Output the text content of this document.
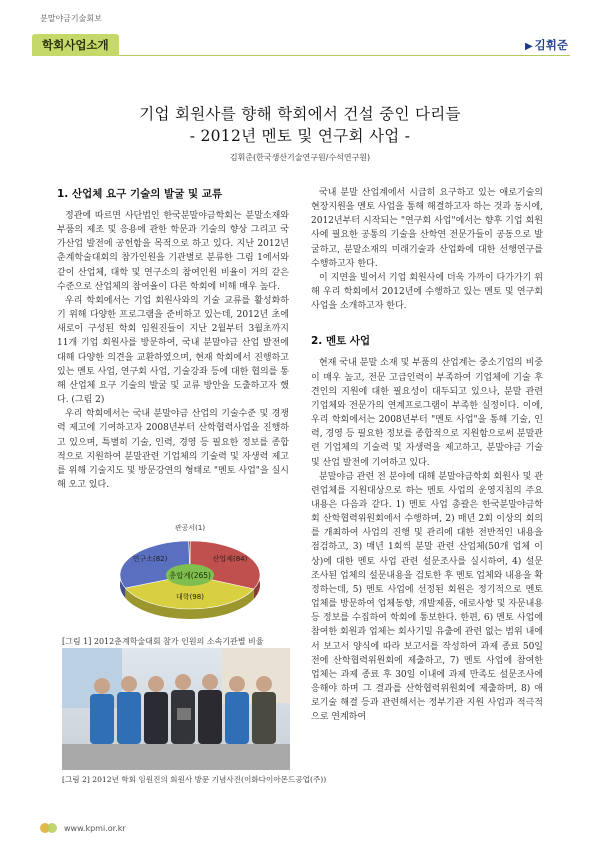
분말야금기술회보
학회사업소개	▶ 김휘준
기업 회원사를 향해 학회에서 건설 중인 다리들
- 2012년 멘토 및 연구회 사업 -
김휘준(한국생산기술연구원/수석연구원)
1. 산업체 요구 기술의 발굴 및 교류
정관에 따르면 사단법인 한국분말야금학회는 분말소재와 부품의 제조 및 응용에 관한 학문과 기술의 향상 그리고 국가산업 발전에 공헌함을 목적으로 하고 있다. 지난 2012년 춘계학술대회의 참가인원을 기관별로 분류한 그림 1에서와 같이 산업체, 대학 및 연구소의 참여인원 비율이 거의 같은 수준으로 산업체의 참여율이 다른 학회에 비해 매우 높다.
우리 학회에서는 기업 회원사와의 기술 교류를 활성화하기 위해 다양한 프로그램을 준비하고 있는데, 2012년 초에 새로이 구성된 학회 임원진들이 지난 2월부터 3월초까지 11개 기업 회원사를 방문하여, 국내 분말야금 산업 발전에 대해 다양한 의견을 교환하였으며, 현재 학회에서 진행하고 있는 멘토 사업, 연구회 사업, 기술강좌 등에 대한 협의를 통해 산업체 요구 기술의 발굴 및 교류 방안을 도출하고자 했다. (그림 2)
우리 학회에서는 국내 분말야금 산업의 기술수준 및 경쟁력 제고에 기여하고자 2008년부터 산학협력사업을 진행하고 있으며, 특별히 기술, 인력, 경영 등 필요한 정보를 종합적으로 지원하여 분말관련 기업체의 기술력 및 자생력 제고를 위해 기술지도 및 방문강연의 형태로 "멘토 사업"을 실시해 오고 있다.
총합계(265)
관공서(1)
산업체(84)
대학(98)
연구소(82)
[그림 1] 2012춘계학술대회 참가 인원의 소속기관별 비율
[그림 2] 2012년 학회 임원진의 회원사 방문 기념사진(이화다이아몬드공업(주))
국내 분말 산업계에서 시급히 요구하고 있는 애로기술의 현장지원을 멘토 사업을 통해 해결하고자 하는 것과 동시에, 2012년부터 시작되는 "연구회 사업"에서는 향후 기업 회원사에 필요한 공통의 기술을 산학연 전문가들이 공동으로 발굴하고, 분말소재의 미래기술과 산업화에 대한 선행연구를 수행하고자 한다.
이 지면을 빌어서 기업 회원사에 더욱 가까이 다가가기 위해 우리 학회에서 2012년에 수행하고 있는 멘토 및 연구회 사업을 소개하고자 한다.
2. 멘토 사업
현재 국내 분말 소재 및 부품의 산업계는 중소기업의 비중이 매우 높고, 전문 고급인력이 부족하여 기업체에 기술 후견인의 지원에 대한 필요성이 대두되고 있으나, 분말 관련 기업체와 전문가의 연계프로그램이 부족한 실정이다. 이에, 우리 학회에서는 2008년부터 "멘토 사업"을 통해 기술, 인력, 경영 등 필요한 정보를 종합적으로 지원함으로써 분말관련 기업체의 기술력 및 자생력을 제고하고, 분말야금 기술 및 산업 발전에 기여하고 있다.
분말야금 관련 전 분야에 대해 분말야금학회 회원사 및 관련업체를 지원대상으로 하는 멘토 사업의 운영지침의 주요내용은 다음과 같다. 1) 멘토 사업 총괄은 한국분말야금학회 산학협력위원회에서 수행하며, 2) 매년 2회 이상의 회의를 개최하여 사업의 진행 및 관리에 대한 전반적인 내용을 점검하고, 3) 매년 1회씩 분말 관련 산업체(50개 업체 이상)에 대한 멘토 사업 관련 설문조사를 실시하여, 4) 설문 조사된 업체의 설문내용을 검토한 후 멘토 업체와 내용을 확정하는데, 5) 멘토 사업에 선정된 회원은 정기적으로 멘토 업체를 방문하여 업체동향, 개발제품, 애로사항 및 자문내용 등 정보를 수집하여 학회에 통보한다. 한편, 6) 멘토 사업에 참여한 회원과 업체는 회사기밀 유출에 관련 없는 범위 내에서 보고서 양식에 따라 보고서를 작성하여 과제 종료 50일 전에 산학협력위원회에 제출하고, 7) 멘토 사업에 참여한 업체는 과제 종료 후 30일 이내에 과제 만족도 설문조사에 응해야 하며 그 결과를 산학협력위원회에 제출하며, 8) 애로기술 해결 등과 관련해서는 정부기관 지원 사업과 적극적으로 연계하여
www.kpmi.or.kr
